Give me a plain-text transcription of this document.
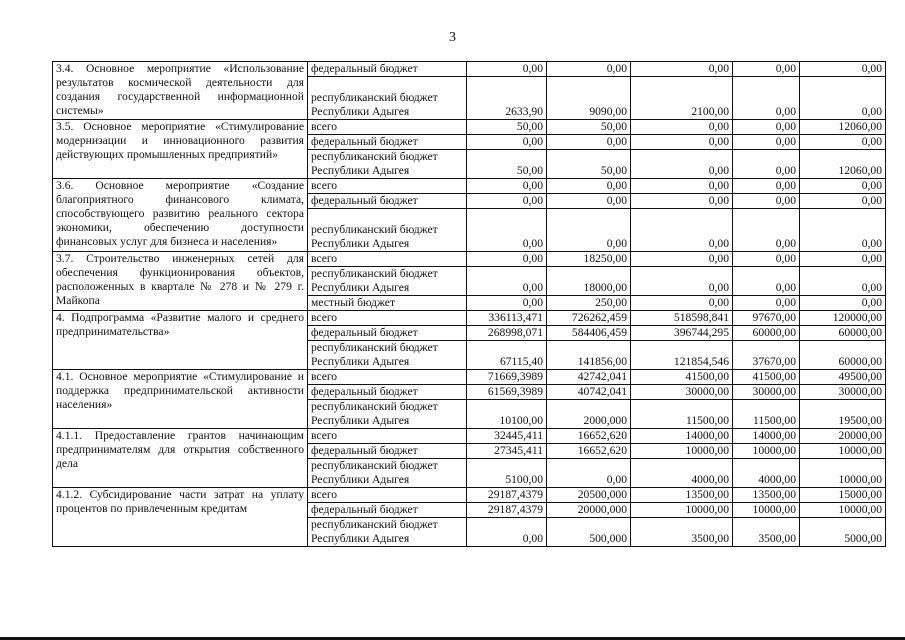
3
3.4. Основное мероприятие «Использование результатов космической деятельности для создания государственной информационной системы»	федеральный бюджет	0,00	0,00	0,00	0,00	0,00
	республиканский бюджет Республики Адыгея	2633,90	9090,00	2100,00	0,00	0,00
3.5. Основное мероприятие «Стимулирование модернизации и инновационного развития действующих промышленных предприятий»	всего	50,00	50,00	0,00	0,00	12060,00
	федеральный бюджет	0,00	0,00	0,00	0,00	0,00
	республиканский бюджет Республики Адыгея	50,00	50,00	0,00	0,00	12060,00
3.6. Основное мероприятие «Создание благоприятного финансового климата, способствующего развитию реального сектора экономики, обеспечению доступности финансовых услуг для бизнеса и населения»	всего	0,00	0,00	0,00	0,00	0,00
	федеральный бюджет	0,00	0,00	0,00	0,00	0,00
	республиканский бюджет Республики Адыгея	0,00	0,00	0,00	0,00	0,00
3.7. Строительство инженерных сетей для обеспечения функционирования объектов, расположенных в квартале № 278 и № 279 г. Майкопа	всего	0,00	18250,00	0,00	0,00	0,00
	республиканский бюджет Республики Адыгея	0,00	18000,00	0,00	0,00	0,00
	местный бюджет	0,00	250,00	0,00	0,00	0,00
4. Подпрограмма «Развитие малого и среднего предпринимательства»	всего	336113,471	726262,459	518598,841	97670,00	120000,00
	федеральный бюджет	268998,071	584406,459	396744,295	60000,00	60000,00
	республиканский бюджет Республики Адыгея	67115,40	141856,00	121854,546	37670,00	60000,00
4.1. Основное мероприятие «Стимулирование и поддержка предпринимательской активности населения»	всего	71669,3989	42742,041	41500,00	41500,00	49500,00
	федеральный бюджет	61569,3989	40742,041	30000,00	30000,00	30000,00
	республиканский бюджет Республики Адыгея	10100,00	2000,000	11500,00	11500,00	19500,00
4.1.1. Предоставление грантов начинающим предпринимателям для открытия собственного дела	всего	32445,411	16652,620	14000,00	14000,00	20000,00
	федеральный бюджет	27345,411	16652,620	10000,00	10000,00	10000,00
	республиканский бюджет Республики Адыгея	5100,00	0,00	4000,00	4000,00	10000,00
4.1.2. Субсидирование части затрат на уплату процентов по привлеченным кредитам	всего	29187,4379	20500,000	13500,00	13500,00	15000,00
	федеральный бюджет	29187,4379	20000,000	10000,00	10000,00	10000,00
	республиканский бюджет Республики Адыгея	0,00	500,000	3500,00	3500,00	5000,00
